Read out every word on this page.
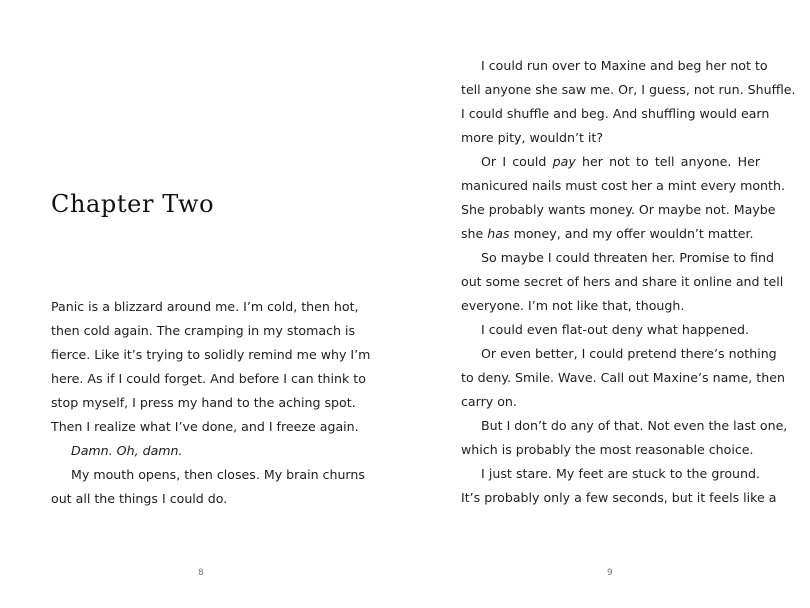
Chapter Two
Panic is a blizzard around me. I’m cold, then hot,
then cold again. The cramping in my stomach is
fierce. Like it’s trying to solidly remind me why I’m
here. As if I could forget. And before I can think to
stop myself, I press my hand to the aching spot.
Then I realize what I’ve done, and I freeze again.
Damn. Oh, damn.
My mouth opens, then closes. My brain churns
out all the things I could do.
8
I could run over to Maxine and beg her not to
tell anyone she saw me. Or, I guess, not run. Shuffle.
I could shuffle and beg. And shuffling would earn
more pity, wouldn’t it?
Or I could pay her not to tell anyone. Her
manicured nails must cost her a mint every month.
She probably wants money. Or maybe not. Maybe
she has money, and my offer wouldn’t matter.
So maybe I could threaten her. Promise to find
out some secret of hers and share it online and tell
everyone. I’m not like that, though.
I could even flat-out deny what happened.
Or even better, I could pretend there’s nothing
to deny. Smile. Wave. Call out Maxine’s name, then
carry on.
But I don’t do any of that. Not even the last one,
which is probably the most reasonable choice.
I just stare. My feet are stuck to the ground.
It’s probably only a few seconds, but it feels like a
9
